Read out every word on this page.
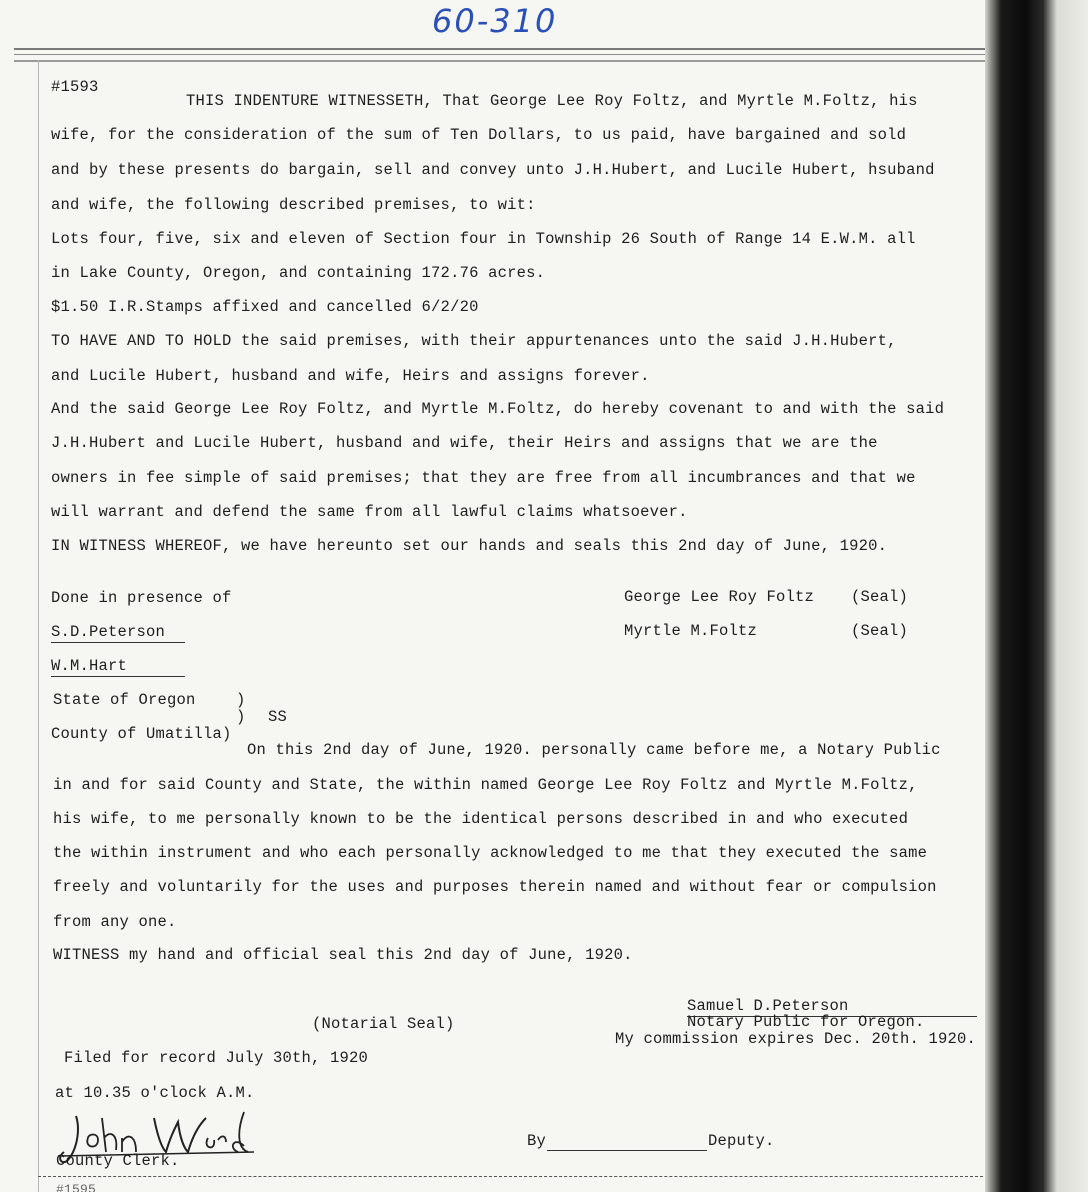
60-310
#1593
THIS INDENTURE WITNESSETH, That George Lee Roy Foltz, and Myrtle M.Foltz, his
wife, for the consideration of the sum of Ten Dollars, to us paid, have bargained and sold
and by these presents do bargain, sell and convey unto J.H.Hubert, and Lucile Hubert, hsuband
and wife, the following described premises, to wit:
Lots four, five, six and eleven of Section four in Township 26 South of Range 14 E.W.M. all
in Lake County, Oregon, and containing 172.76 acres.
$1.50 I.R.Stamps affixed and cancelled 6/2/20
TO HAVE AND TO HOLD the said premises, with their appurtenances unto the said J.H.Hubert,
and Lucile Hubert, husband and wife, Heirs and assigns forever.
And the said George Lee Roy Foltz, and Myrtle M.Foltz, do hereby covenant to and with the said
J.H.Hubert and Lucile Hubert, husband and wife, their Heirs and assigns that we are the
owners in fee simple of said premises; that they are free from all incumbrances and that we
will warrant and defend the same from all lawful claims whatsoever.
IN WITNESS WHEREOF, we have hereunto set our hands and seals this 2nd day of June, 1920.
Done in presence of
S.D.Peterson
W.M.Hart
George Lee Roy Foltz (Seal)
Myrtle M.Foltz	(Seal)
State of Oregon	)
) SS
County of Umatilla)
On this 2nd day of June, 1920. personally came before me, a Notary Public
in and for said County and State, the within named George Lee Roy Foltz and Myrtle M.Foltz,
his wife, to me personally known to be the identical persons described in and who executed
the within instrument and who each personally acknowledged to me that they executed the same
freely and voluntarily for the uses and purposes therein named and without fear or compulsion
from any one.
WITNESS my hand and official seal this 2nd day of June, 1920.
Samuel D.Peterson
Notary Public for Oregon.
My commission expires Dec. 20th. 1920.
(Notarial Seal)
Filed for record July 30th, 1920
at 10.35 o'clock A.M.
County Clerk.
By	Deputy.
#1595
